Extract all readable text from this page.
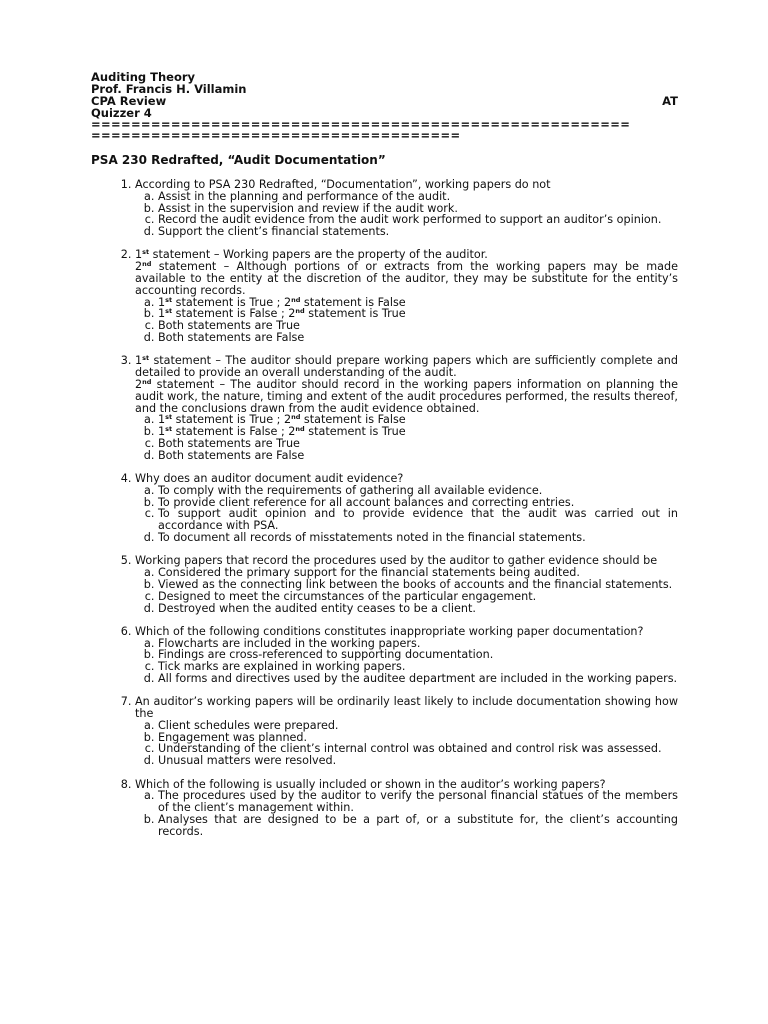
Auditing Theory
Prof. Francis H. Villamin
CPA Review	AT
Quizzer 4
======================================================
=====================================
PSA 230 Redrafted, “Audit Documentation”
1. According to PSA 230 Redrafted, “Documentation”, working papers do not
a. Assist in the planning and performance of the audit.
b. Assist in the supervision and review if the audit work.
c. Record the audit evidence from the audit work performed to support an auditor’s opinion.
d. Support the client’s financial statements.
2. 1st statement – Working papers are the property of the auditor.
2nd statement – Although portions of or extracts from the working papers may be made available to the entity at the discretion of the auditor, they may be substitute for the entity’s accounting records.
a. 1st statement is True ; 2nd statement is False
b. 1st statement is False ; 2nd statement is True
c. Both statements are True
d. Both statements are False
3. 1st statement – The auditor should prepare working papers which are sufficiently complete and detailed to provide an overall understanding of the audit.
2nd statement – The auditor should record in the working papers information on planning the audit work, the nature, timing and extent of the audit procedures performed, the results thereof, and the conclusions drawn from the audit evidence obtained.
a. 1st statement is True ; 2nd statement is False
b. 1st statement is False ; 2nd statement is True
c. Both statements are True
d. Both statements are False
4. Why does an auditor document audit evidence?
a. To comply with the requirements of gathering all available evidence.
b. To provide client reference for all account balances and correcting entries.
c. To support audit opinion and to provide evidence that the audit was carried out in accordance with PSA.
d. To document all records of misstatements noted in the financial statements.
5. Working papers that record the procedures used by the auditor to gather evidence should be
a. Considered the primary support for the financial statements being audited.
b. Viewed as the connecting link between the books of accounts and the financial statements.
c. Designed to meet the circumstances of the particular engagement.
d. Destroyed when the audited entity ceases to be a client.
6. Which of the following conditions constitutes inappropriate working paper documentation?
a. Flowcharts are included in the working papers.
b. Findings are cross-referenced to supporting documentation.
c. Tick marks are explained in working papers.
d. All forms and directives used by the auditee department are included in the working papers.
7. An auditor’s working papers will be ordinarily least likely to include documentation showing how the
a. Client schedules were prepared.
b. Engagement was planned.
c. Understanding of the client’s internal control was obtained and control risk was assessed.
d. Unusual matters were resolved.
8. Which of the following is usually included or shown in the auditor’s working papers?
a. The procedures used by the auditor to verify the personal financial statues of the members of the client’s management within.
b. Analyses that are designed to be a part of, or a substitute for, the client’s accounting records.
